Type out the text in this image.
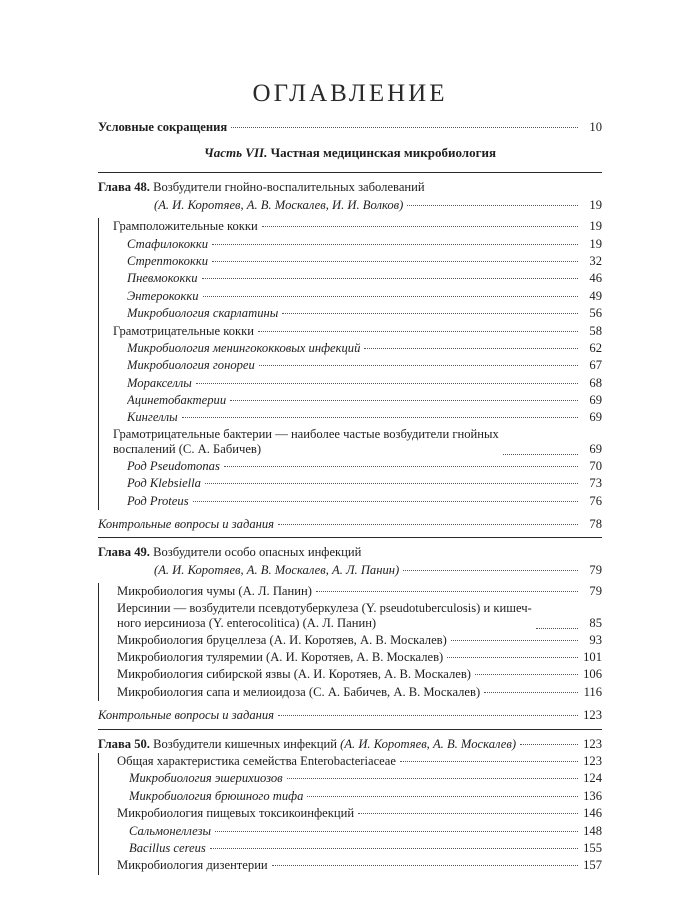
ОГЛАВЛЕНИЕ
Условные сокращения	10
Часть VII. Частная медицинская микробиология
Глава 48. Возбудители гнойно-воспалительных заболеваний
(А. И. Коротяев, А. В. Москалев, И. И. Волков)	19
Грамположительные кокки	19
Стафилококки	19
Стрептококки	32
Пневмококки	46
Энтерококки	49
Микробиология скарлатины	56
Грамотрицательные кокки	58
Микробиология менингококковых инфекций	62
Микробиология гонореи	67
Моракселлы	68
Ацинетобактерии	69
Кингеллы	69
Грамотрицательные бактерии — наиболее частые возбудители гнойных
воспалений (С. А. Бабичев)	69
Род Pseudomonas	70
Род Klebsiella	73
Род Proteus	76
Контрольные вопросы и задания	78
Глава 49. Возбудители особо опасных инфекций
(А. И. Коротяев, А. В. Москалев, А. Л. Панин)	79
Микробиология чумы (А. Л. Панин)	79
Иерсинии — возбудители псевдотуберкулеза (Y. pseudotuberculosis) и кишеч-
ного иерсиниоза (Y. enterocolitica) (А. Л. Панин)	85
Микробиология бруцеллеза (А. И. Коротяев, А. В. Москалев)	93
Микробиология туляремии (А. И. Коротяев, А. В. Москалев)	101
Микробиология сибирской язвы (А. И. Коротяев, А. В. Москалев)	106
Микробиология сапа и мелиоидоза (С. А. Бабичев, А. В. Москалев)	116
Контрольные вопросы и задания	123
Глава 50. Возбудители кишечных инфекций (А. И. Коротяев, А. В. Москалев)	123
Общая характеристика семейства Enterobacteriaceae	123
Микробиология эшерихиозов	124
Микробиология брюшного тифа	136
Микробиология пищевых токсикоинфекций	146
Сальмонеллезы	148
Bacillus cereus	155
Микробиология дизентерии	157
